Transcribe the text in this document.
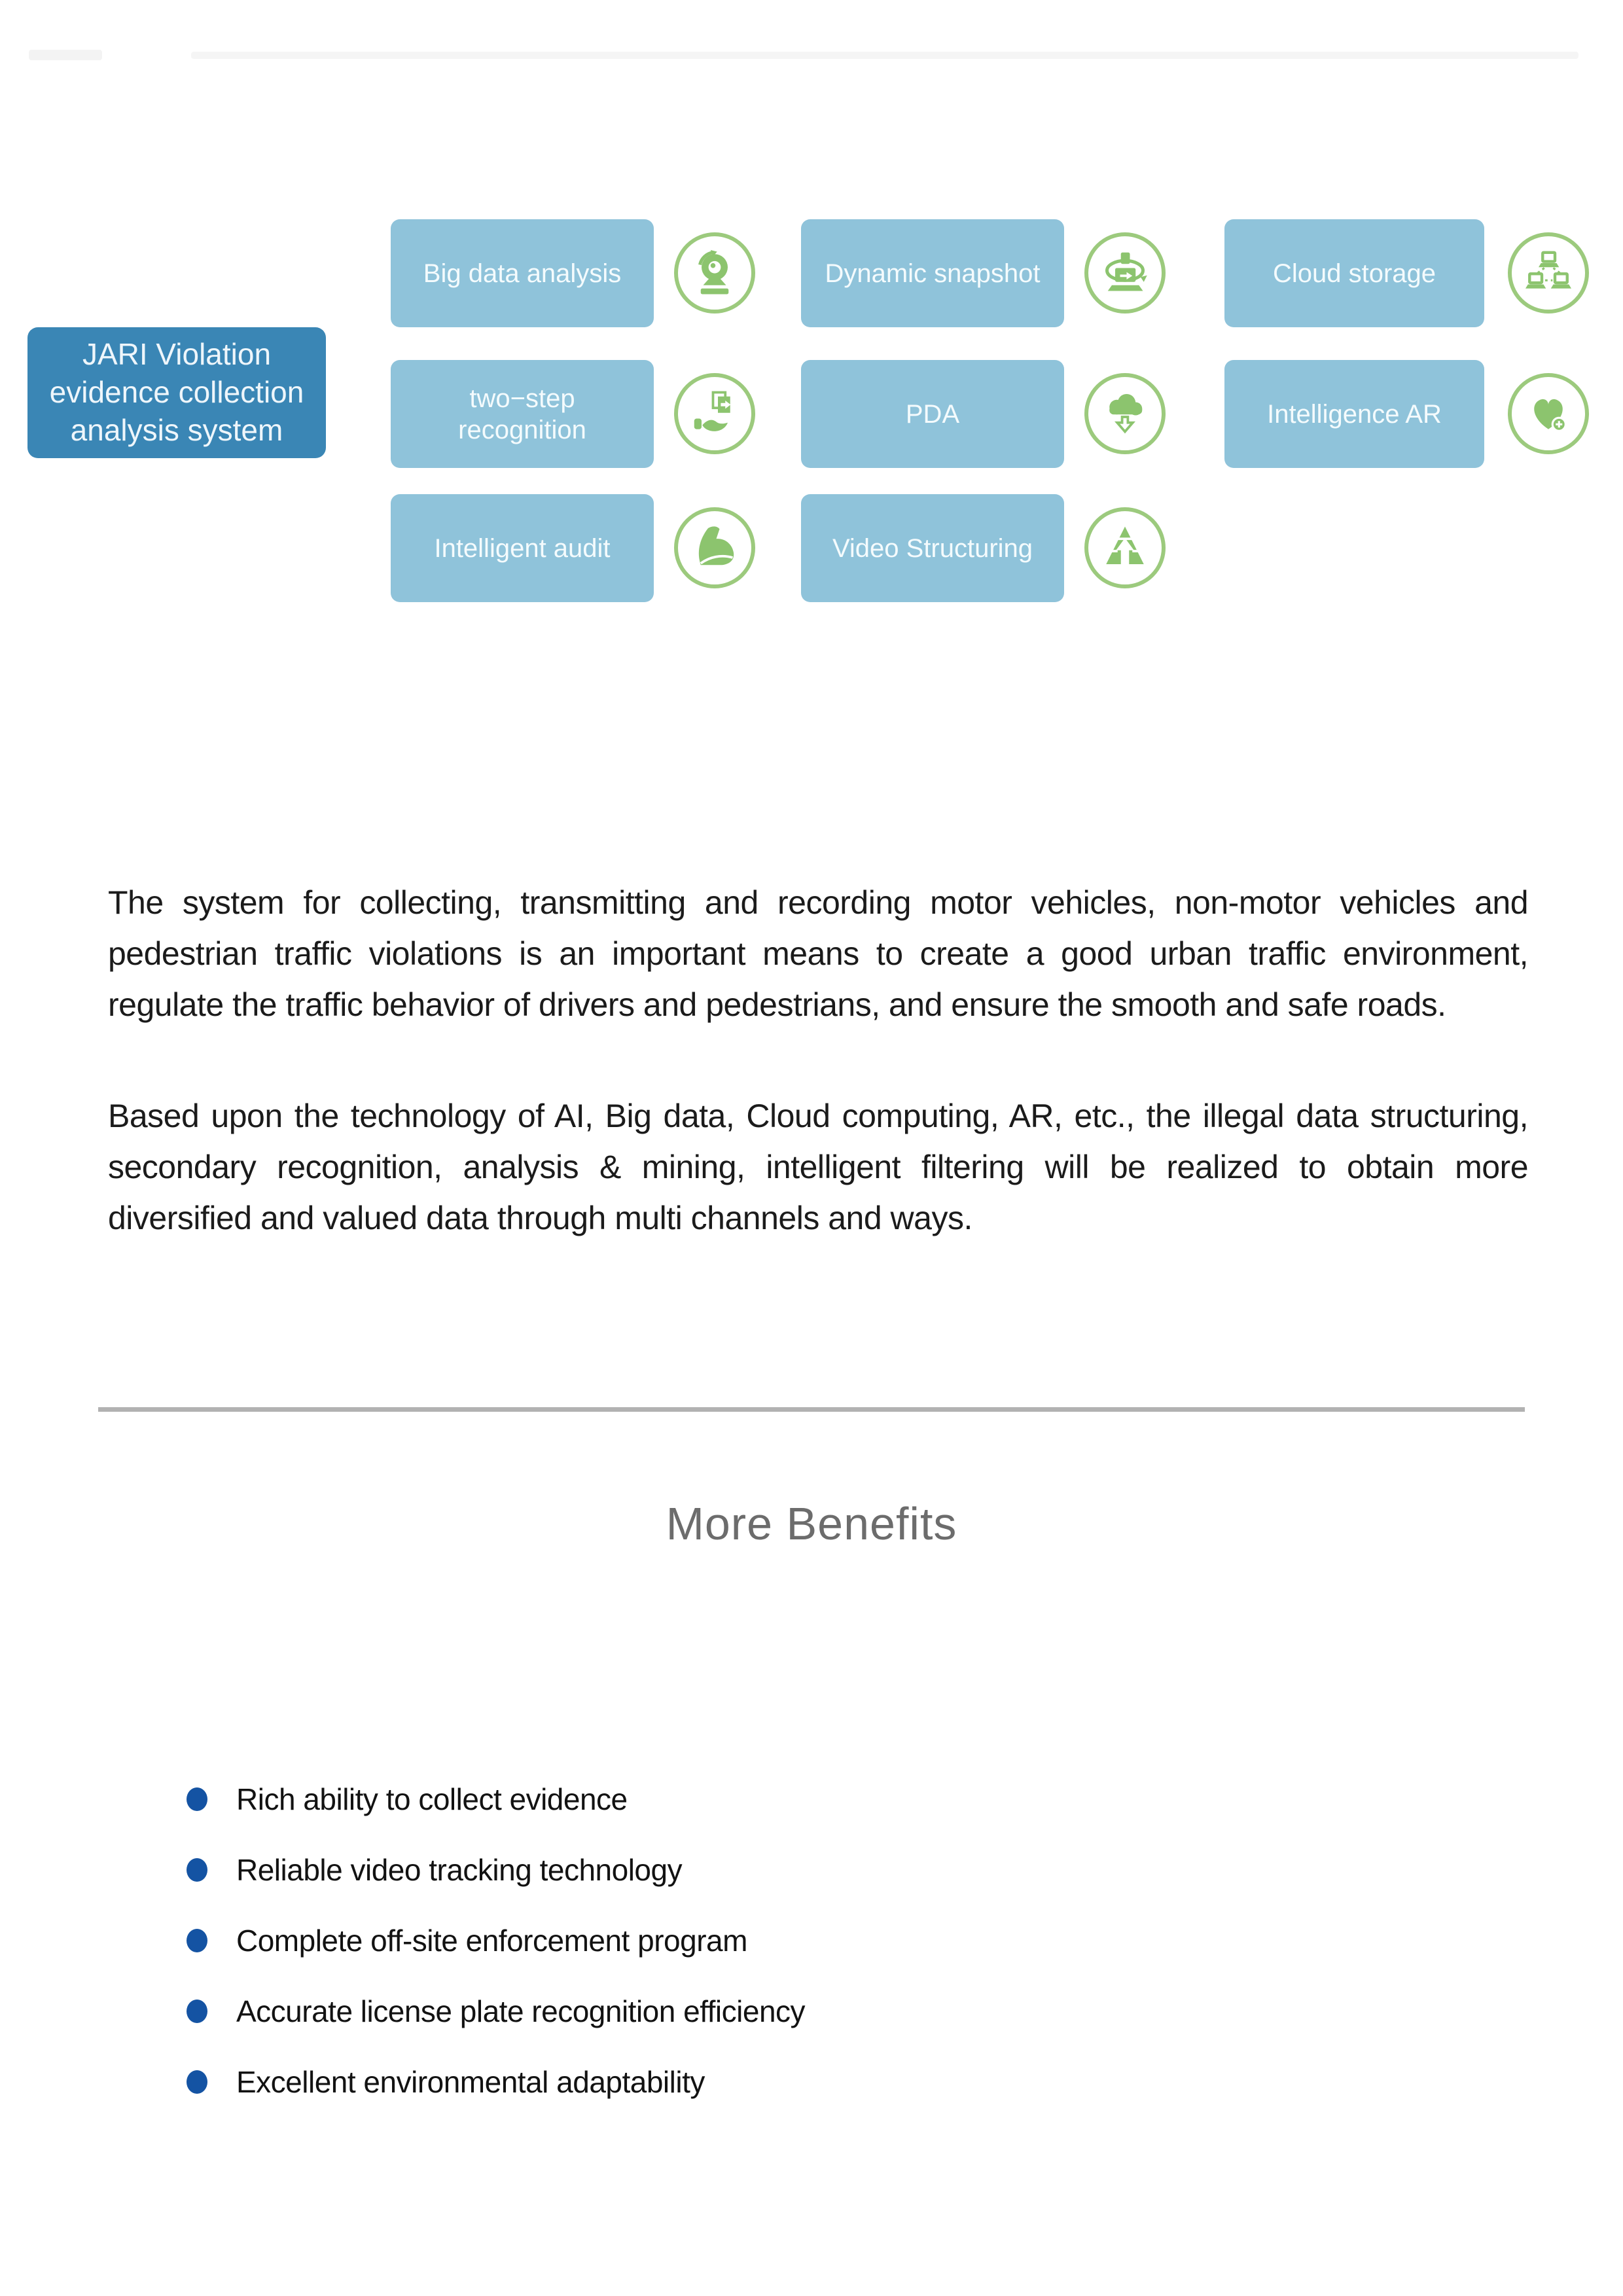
JARI Violation evidence collection analysis system
Big data analysis	Dynamic snapshot	Cloud storage
two−step recognition
PDA	Intelligence AR
Intelligent audit	Video Structuring

The system for collecting, transmitting and recording motor vehicles, non-motor vehicles and pedestrian traffic violations is an important means to create a good urban traffic environment, regulate the traffic behavior of drivers and pedestrians, and ensure the smooth and safe roads.

Based upon the technology of AI, Big data, Cloud computing, AR, etc., the illegal data structuring, secondary recognition, analysis & mining, intelligent filtering will be realized to obtain more diversified and valued data through multi channels and ways.

More Benefits
Rich ability to collect evidence
Reliable video tracking technology
Complete off-site enforcement program
Accurate license plate recognition efficiency
Excellent environmental adaptability
